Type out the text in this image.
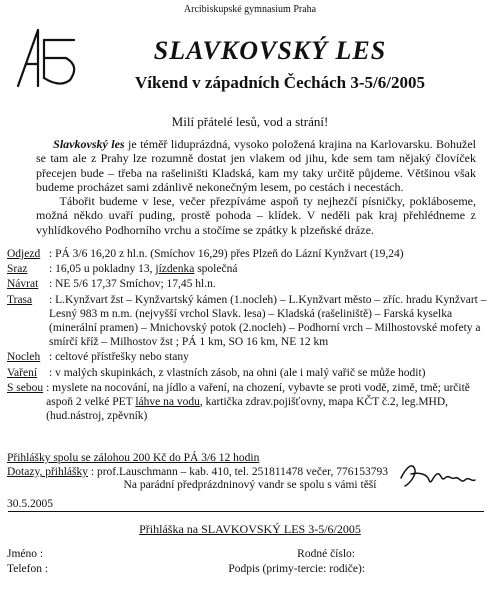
Arcibiskupské gymnasium Praha
SLAVKOVSKÝ LES
Víkend v západních Čechách 3-5/6/2005
Milí přátelé lesů, vod a strání!
Slavkovský les je téměř liduprázdná, vysoko položená krajina na Karlovarsku. Bohužel se tam ale z Prahy lze rozumně dostat jen vlakem od jihu, kde sem tam nějaký človíček přecejen bude – třeba na rašeliništi Kladská, kam my taky určitě půjdeme. Většinou však budeme procházet sami zdánlivě nekonečným lesem, po cestách i necestách.
Tábořit budeme v lese, večer přezpíváme aspoň ty nejhezčí písničky, pokláboseme, možná někdo uvaří puding, prostě pohoda – klídek. V neděli pak kraj přehlédneme z vyhlídkového Podhorního vrchu a stočíme se zpátky k plzeňské dráze.
Odjezd : PÁ 3/6 16,20 z hl.n. (Smíchov 16,29) přes Plzeň do Lázní Kynžvart (19,24)
Sraz	: 16,05 u pokladny 13, jízdenka společná
Návrat : NE 5/6 17,37 Smíchov; 17,45 hl.n.
Trasa	: L.Kynžvart žst – Kynžvartský kámen (1.nocleh) – L.Kynžvart město – zříc. hradu Kynžvart – Lesný 983 m n.m. (nejvyšší vrchol Slavk. lesa) – Kladská (rašeliniště) – Farská kyselka (minerální pramen) – Mnichovský potok (2.nocleh) – Podhorní vrch – Milhostovské mofety a smírčí kříž – Milhostov žst ; PÁ 1 km, SO 16 km, NE 12 km
Nocleh : celtové přístřešky nebo stany
Vaření	: v malých skupinkách, z vlastních zásob, na ohni (ale i malý vařič se může hodit)
S sebou : myslete na nocování, na jídlo a vaření, na chození, vybavte se proti vodě, zimě, tmě; určitě aspoň 2 velké PET láhve na vodu, kartička zdrav.pojišťovny, mapa KČT č.2, leg.MHD, (hud.nástroj, zpěvník)
Přihlášky spolu se zálohou 200 Kč do PÁ 3/6 12 hodin
Dotazy, přihlášky : prof.Lauschmann – kab. 410, tel. 251811478 večer, 776153793
Na parádní předprázdninový vandr se spolu s vámi těší
30.5.2005
Přihláška na SLAVKOVSKÝ LES 3-5/6/2005
Jméno :	Rodné číslo:
Telefon :	Podpis (primy-tercie: rodiče):
